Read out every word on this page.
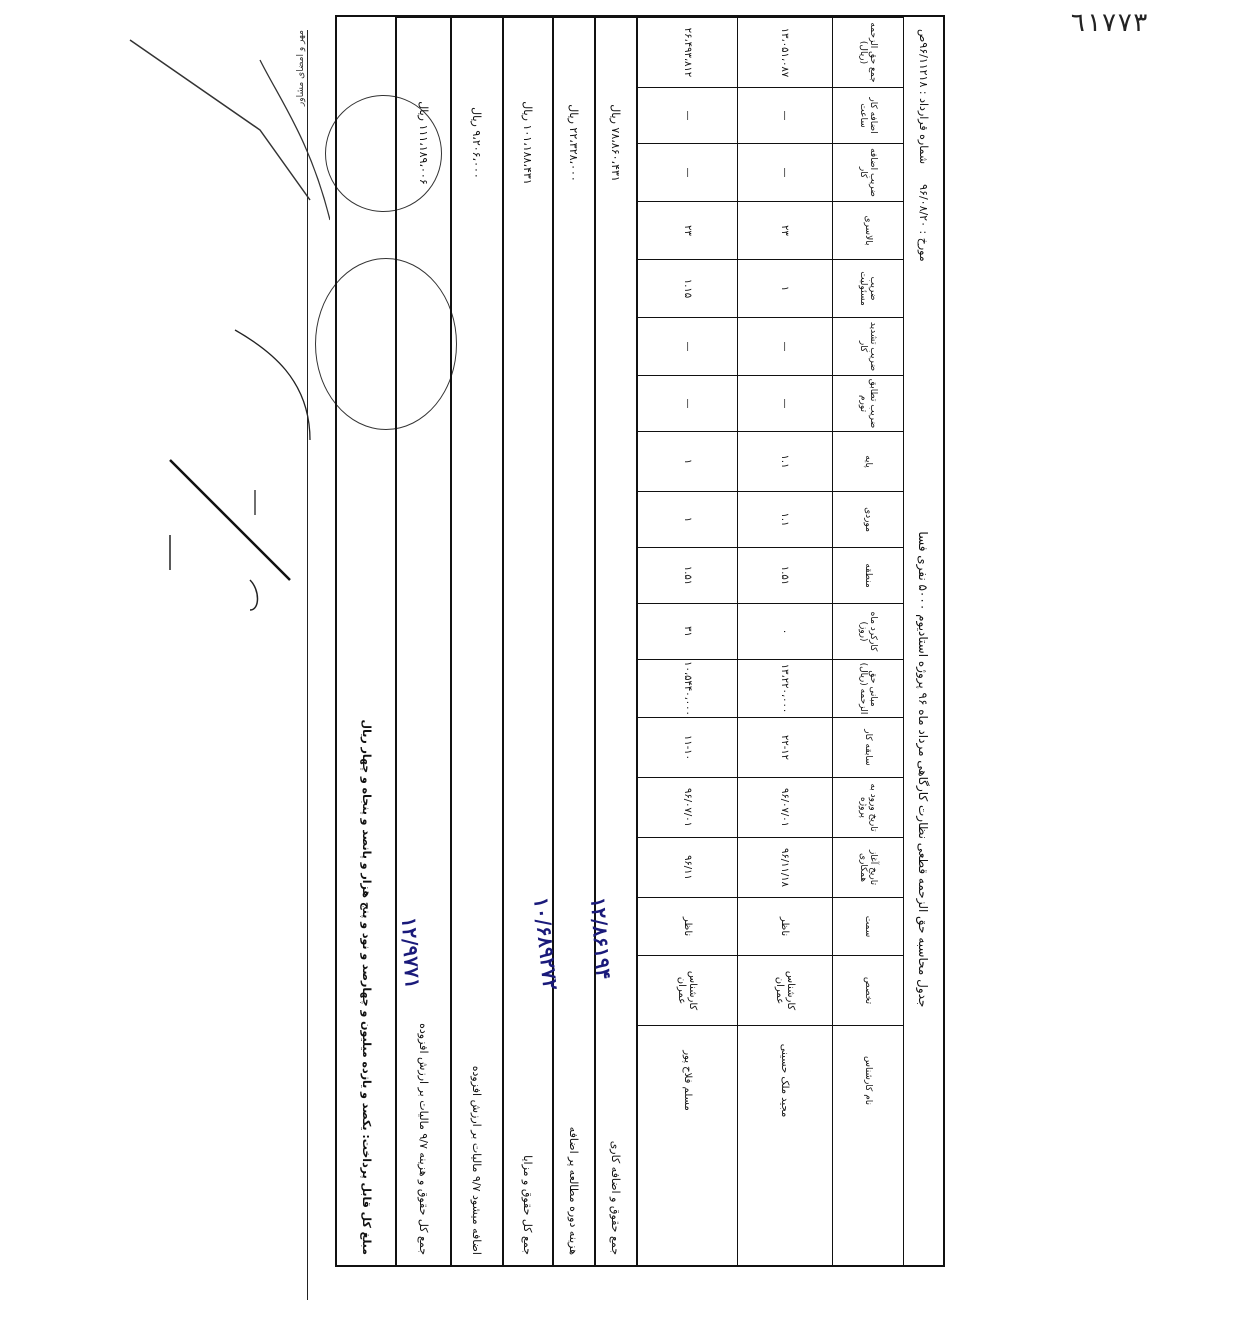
٦١٧٧٣
شماره قرارداد : ۹۶/۱۱۲۱۸ص
مورخ : ۹۶/۰۸/۲۰
جدول محاسبه حق الزحمه قطعی نظارت کارگاهی مرداد ماه ۹۶ پروژه استادیوم ۵۰۰۰ نفری فسا
جمع حق الزحمه (ریال)
اضافه کار ساعت
ضریب اضافه کار
بالاسری
ضریب مسئولیت
ضریب تشدید کار
ضریب تطابق تورم
پایه
موردی
منطقه
کارکرد ماه (روز)
مبانی حق الزحمه (ریال)
سابقه کار
تاریخ ورود به پروژه
تاریخ آغاز همکاری
سمت
تخصص
نام کارشناس
۱۳،۰۵۱،۰۸۷
—
—
۲۳
۱
—
—
۱.۱
۱.۱
۱.۵۱
۰
۱۳،۲۲۰،۰۰۰
۲۲-۱۲
۹۶/۰۷/۰۱
۹۶/۱۱/۱۸
ناظر
کارشناس عمران
مجید ملک حسینی
۲۶،۴۹۳،۸۱۲
—
—
۲۳
۱.۱۵
—
—
۱
۱
۱.۵۱
۳۱
۱۰،۵۴۴۰،۰۰۰
۱۱-۱۰
۹۶/۰۷/۰۱
۹۶/۱۱
ناظر
کارشناس عمران
مسلم فلاح پور
جمع حقوق و اضافه کاری
۷۸،۸۶۰،۴۳۱ ریال
هزینه دوره مطالعه پر اضافه
۲۲،۳۲۸،۰۰۰ ریال
جمع کل حقوق و مزایا
۱۰۱،۱۸۸،۴۳۱ ریال
اضافه میشود ۹/۷ مالیات بر ارزش افزوده
۹،۲۰۶،۰۰۰ ریال
جمع کل حقوق و هزینه ۹/۷ مالیات بر ارزش افزوده
۱۱۱،۱۸۹،۰۰۶ ریال
مبلغ کل قابل پرداخت: یکصد و یازده میلیون و چهارصد و نود و پنج هزار و پانصد و پنجاه و چهار ریال	۱۲/۸۶۱۹۴
۱۰/۶۸۹۲۷۲
۱۲/۹۷۷۱
مهر و امضای مشاور
